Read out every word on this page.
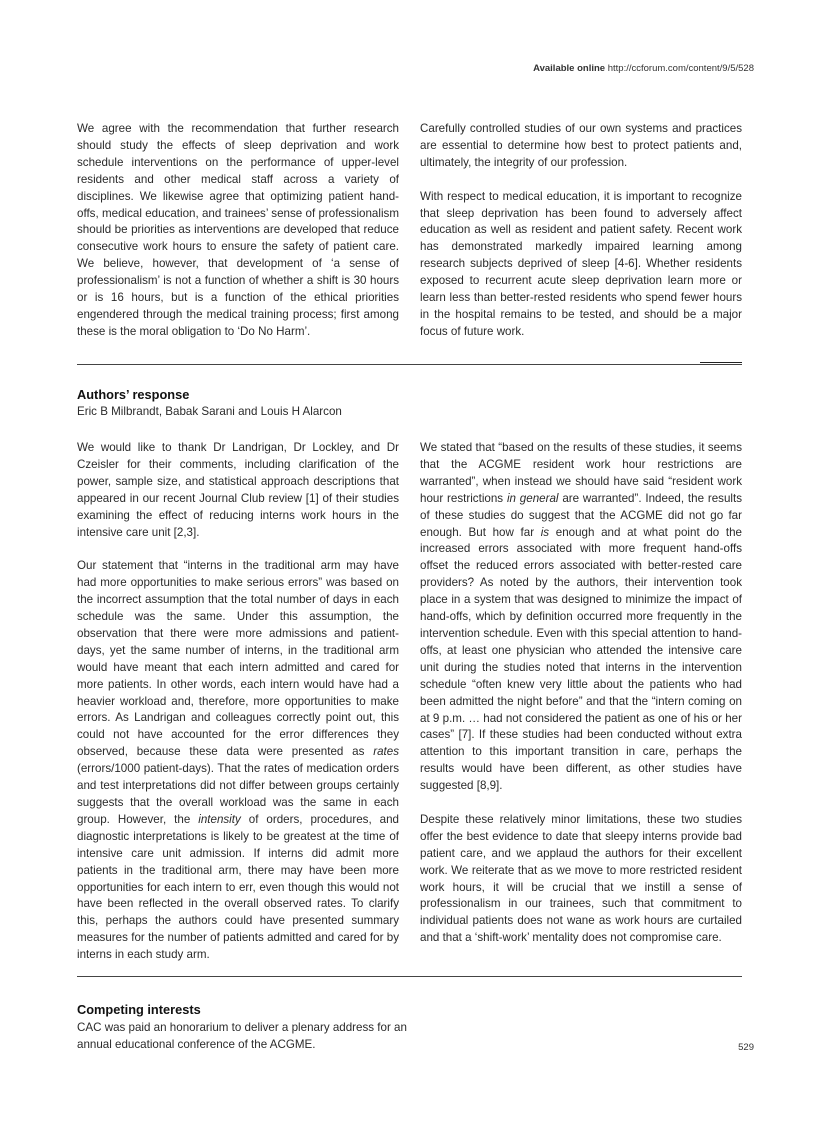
Available online http://ccforum.com/content/9/5/528

We agree with the recommendation that further research should study the effects of sleep deprivation and work schedule interventions on the performance of upper-level residents and other medical staff across a variety of disciplines. We likewise agree that optimizing patient hand-offs, medical education, and trainees’ sense of professionalism should be priorities as interventions are developed that reduce consecutive work hours to ensure the safety of patient care. We believe, however, that development of ‘a sense of professionalism’ is not a function of whether a shift is 30 hours or is 16 hours, but is a function of the ethical priorities engendered through the medical training process; first among these is the moral obligation to ‘Do No Harm’.

Carefully controlled studies of our own systems and practices are essential to determine how best to protect patients and, ultimately, the integrity of our profession.

With respect to medical education, it is important to recognize that sleep deprivation has been found to adversely affect education as well as resident and patient safety. Recent work has demonstrated markedly impaired learning among research subjects deprived of sleep [4-6]. Whether residents exposed to recurrent acute sleep deprivation learn more or learn less than better-rested residents who spend fewer hours in the hospital remains to be tested, and should be a major focus of future work.

Authors’ response
Eric B Milbrandt, Babak Sarani and Louis H Alarcon

We would like to thank Dr Landrigan, Dr Lockley, and Dr Czeisler for their comments, including clarification of the power, sample size, and statistical approach descriptions that appeared in our recent Journal Club review [1] of their studies examining the effect of reducing interns work hours in the intensive care unit [2,3].

Our statement that “interns in the traditional arm may have had more opportunities to make serious errors” was based on the incorrect assumption that the total number of days in each schedule was the same. Under this assumption, the observation that there were more admissions and patient-days, yet the same number of interns, in the traditional arm would have meant that each intern admitted and cared for more patients. In other words, each intern would have had a heavier workload and, therefore, more opportunities to make errors. As Landrigan and colleagues correctly point out, this could not have accounted for the error differences they observed, because these data were presented as rates (errors/1000 patient-days). That the rates of medication orders and test interpretations did not differ between groups certainly suggests that the overall workload was the same in each group. However, the intensity of orders, procedures, and diagnostic interpretations is likely to be greatest at the time of intensive care unit admission. If interns did admit more patients in the traditional arm, there may have been more opportunities for each intern to err, even though this would not have been reflected in the overall observed rates. To clarify this, perhaps the authors could have presented summary measures for the number of patients admitted and cared for by interns in each study arm.

We stated that “based on the results of these studies, it seems that the ACGME resident work hour restrictions are warranted”, when instead we should have said “resident work hour restrictions in general are warranted”. Indeed, the results of these studies do suggest that the ACGME did not go far enough. But how far is enough and at what point do the increased errors associated with more frequent hand-offs offset the reduced errors associated with better-rested care providers? As noted by the authors, their intervention took place in a system that was designed to minimize the impact of hand-offs, which by definition occurred more frequently in the intervention schedule. Even with this special attention to hand-offs, at least one physician who attended the intensive care unit during the studies noted that interns in the intervention schedule “often knew very little about the patients who had been admitted the night before” and that the “intern coming on at 9 p.m. … had not considered the patient as one of his or her cases” [7]. If these studies had been conducted without extra attention to this important transition in care, perhaps the results would have been different, as other studies have suggested [8,9].

Despite these relatively minor limitations, these two studies offer the best evidence to date that sleepy interns provide bad patient care, and we applaud the authors for their excellent work. We reiterate that as we move to more restricted resident work hours, it will be crucial that we instill a sense of professionalism in our trainees, such that commitment to individual patients does not wane as work hours are curtailed and that a ‘shift-work’ mentality does not compromise care.

Competing interests
CAC was paid an honorarium to deliver a plenary address for an annual educational conference of the ACGME.	529
